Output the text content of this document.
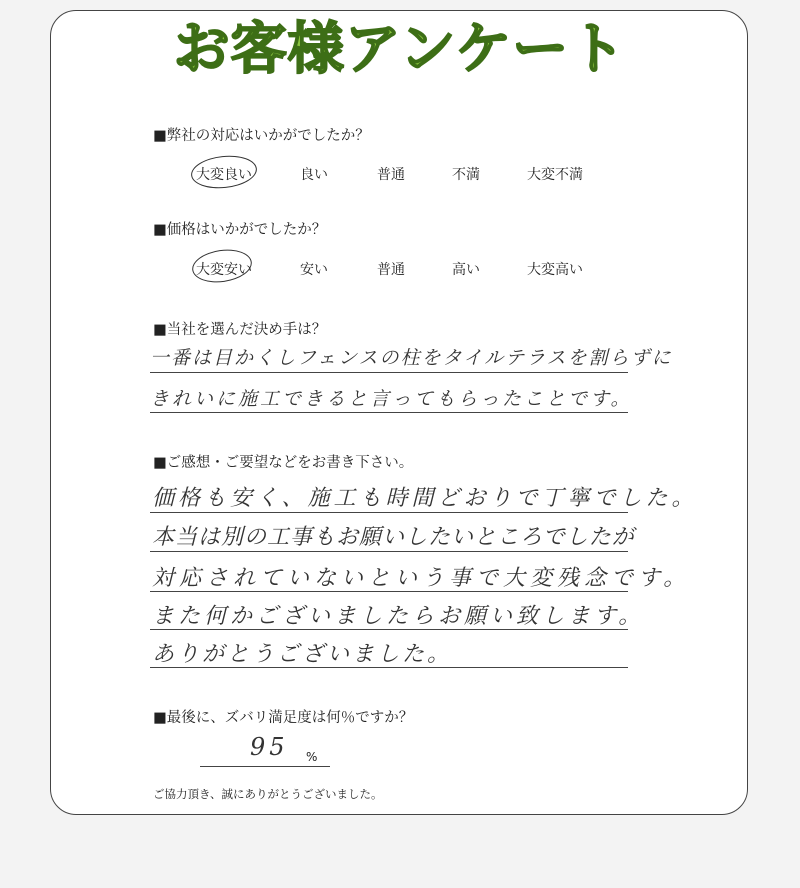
お客様アンケート
■弊社の対応はいかがでしたか？
大変良い	良い	普通	不満	大変不満
■価格はいかがでしたか？
大変安い	安い	普通	高い	大変高い
■当社を選んだ決め手は？
一番は目かくしフェンスの柱をタイルテラスを割らずに
きれいに施工できると言ってもらったことです。
■ご感想・ご要望などをお書き下さい。
価格も安く、施工も時間どおりで丁寧でした。
本当は別の工事もお願いしたいところでしたが
対応されていないという事で大変残念です。
また何かございましたらお願い致します。
ありがとうございました。
■最後に、ズバリ満足度は何％ですか？
95 %
ご協力頂き、誠にありがとうございました。
